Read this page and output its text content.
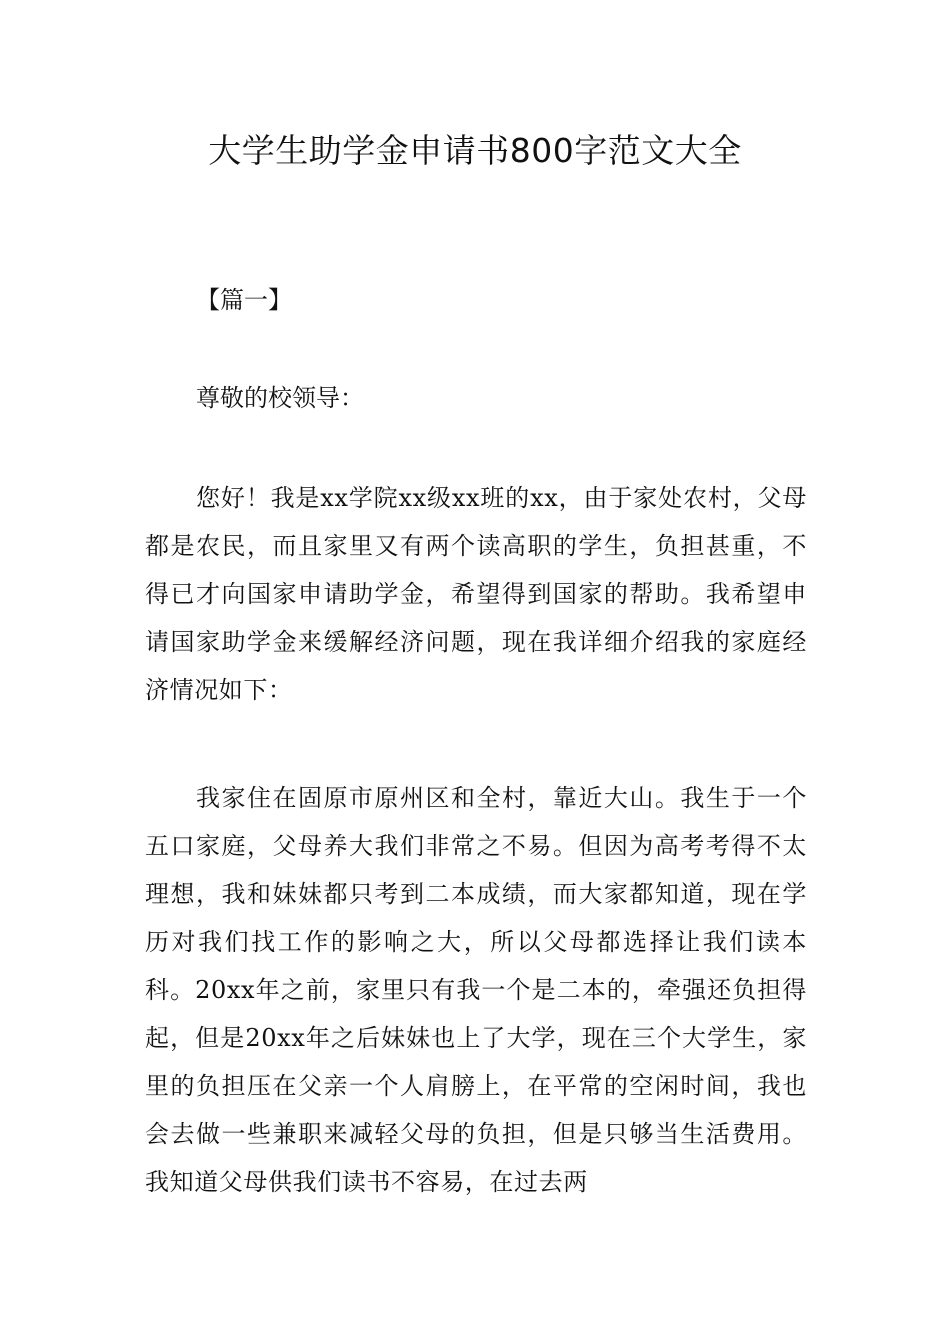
大学生助学金申请书800字范文大全

【篇一】

尊敬的校领导：

您好！我是xx学院xx级xx班的xx，由于家处农村，父母都是农民，而且家里又有两个读高职的学生，负担甚重，不得已才向国家申请助学金，希望得到国家的帮助。我希望申请国家助学金来缓解经济问题，现在我详细介绍我的家庭经济情况如下：

我家住在固原市原州区和全村，靠近大山。我生于一个五口家庭，父母养大我们非常之不易。但因为高考考得不太理想，我和妹妹都只考到二本成绩，而大家都知道，现在学历对我们找工作的影响之大，所以父母都选择让我们读本科。20xx年之前，家里只有我一个是二本的，牵强还负担得起，但是20xx年之后妹妹也上了大学，现在三个大学生，家里的负担压在父亲一个人肩膀上，在平常的空闲时间，我也会去做一些兼职来减轻父母的负担，但是只够当生活费用。我知道父母供我们读书不容易，在过去两
